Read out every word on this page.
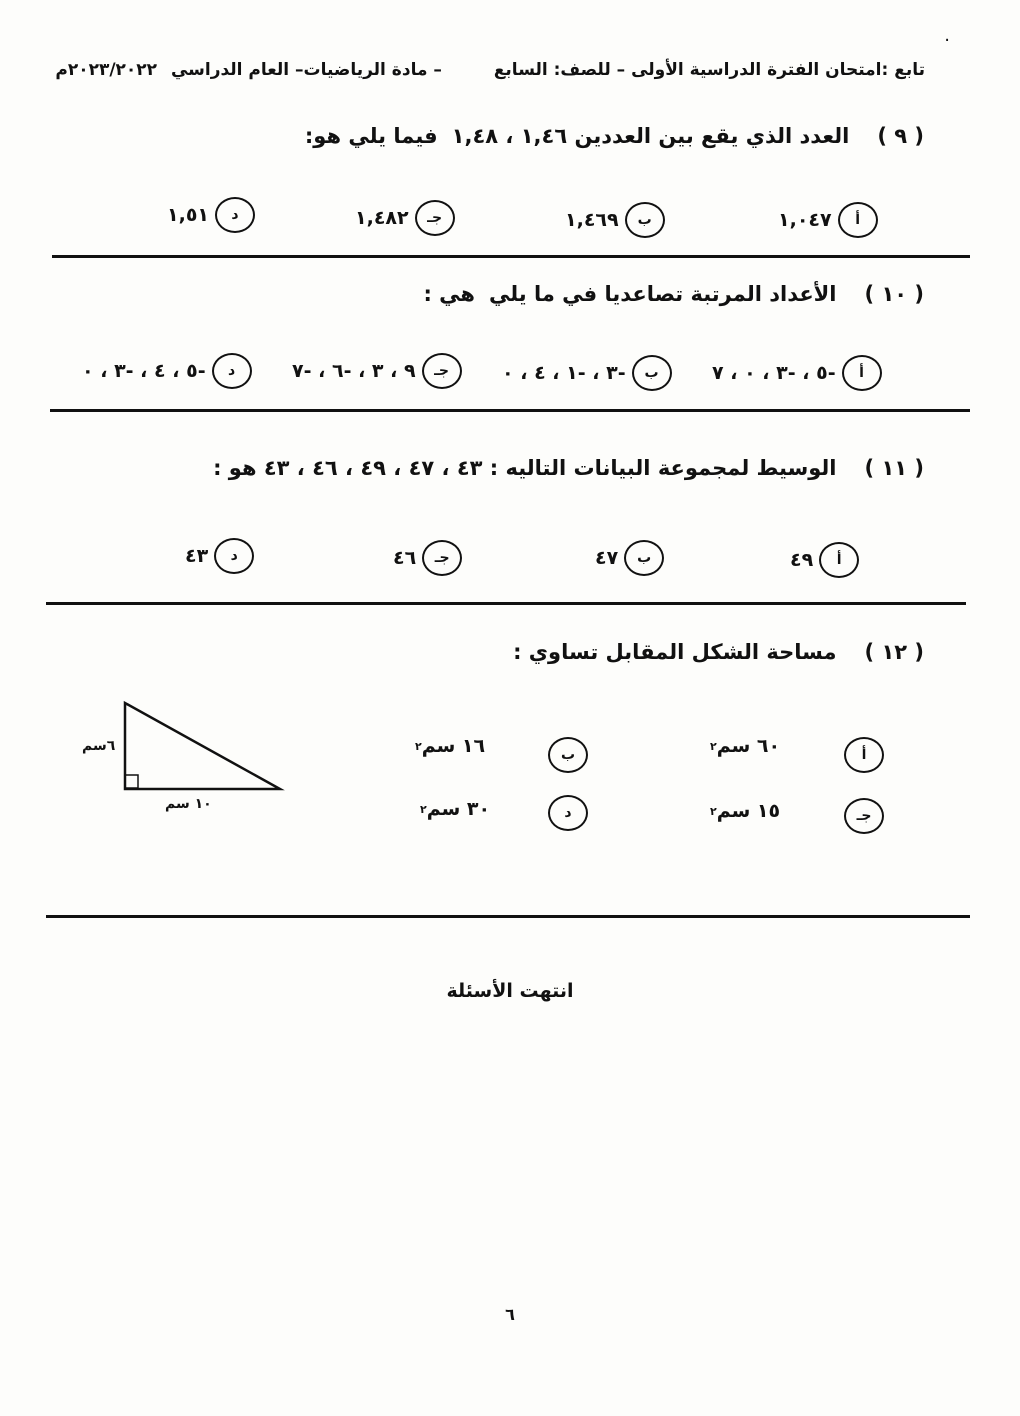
·
تابع :امتحان الفترة الدراسية الأولى – للصف: السابع – مادة الرياضيات– العام الدراسي ٢٠٢٣/٢٠٢٢م
( ٩ )العدد الذي يقع بين العددين ١,٤٦ ، ١,٤٨فيما يلي هو:
أ
١,٠٤٧
ب
١,٤٦٩
جـ
١,٤٨٢
د
١,٥١
( ١٠ )الأعداد المرتبة تصاعديا في ما يليهي :
أ
-٥ ، -٣ ، ٠ ، ٧
ب
-٣ ، -١ ، ٤ ، ٠
جـ
٩ ، ٣ ، -٦ ، -٧
د
-٥ ، ٤ ، -٣ ، ٠
( ١١ )الوسيط لمجموعة البيانات التاليه : ٤٣ ، ٤٧ ، ٤٩ ، ٤٦ ، ٤٣ هو :
أ
٤٩
ب
٤٧
جـ
٤٦
د
٤٣
( ١٢ )مساحة الشكل المقابل تساوي :
٦٠ سم
٢
أ
١٦ سم
٢
ب
١٥ سم
٢	جـ
٣٠ سم
٢	د
٦سم
١٠ سم
انتهت الأسئلة
٦
